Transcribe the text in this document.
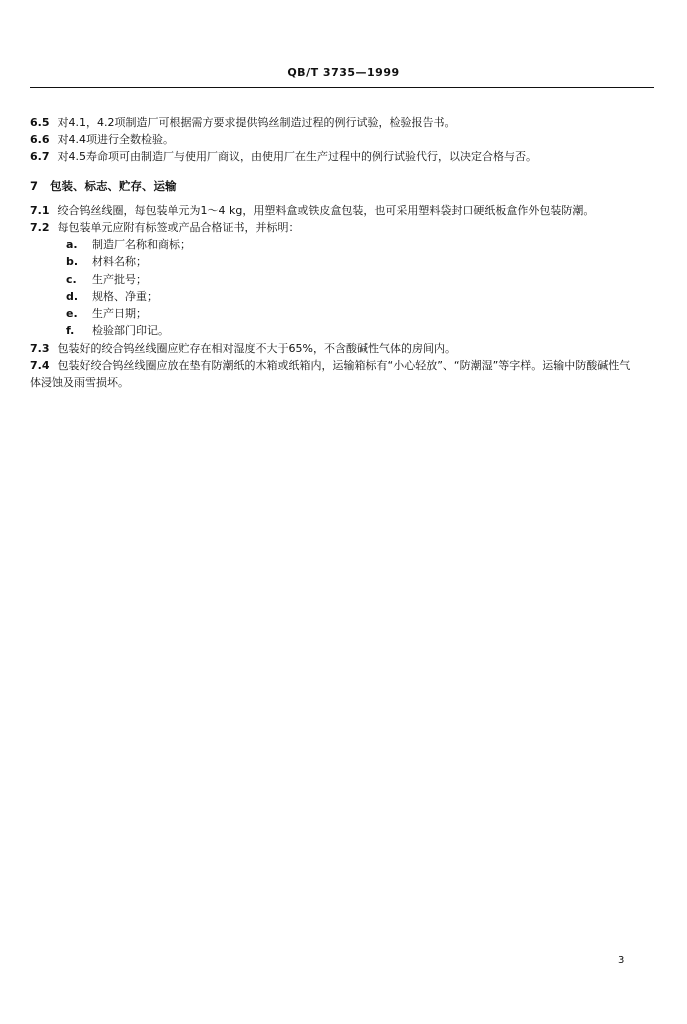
QB/T 3735—1999

6.5 对4.1，4.2项制造厂可根据需方要求提供钨丝制造过程的例行试验，检验报告书。

6.6 对4.4项进行全数检验。

6.7 对4.5寿命项可由制造厂与使用厂商议，由使用厂在生产过程中的例行试验代行，以决定合格与否。

7 包装、标志、贮存、运输

7.1 绞合钨丝线圈，每包装单元为1～4 kg，用塑料盒或铁皮盒包装，也可采用塑料袋封口硬纸板盒作外包装防潮。

7.2 每包装单元应附有标签或产品合格证书，并标明：

a. 制造厂名称和商标；

b. 材料名称；

c. 生产批号；

d. 规格、净重；

e. 生产日期；

f. 检验部门印记。

7.3 包装好的绞合钨丝线圈应贮存在相对湿度不大于65%，不含酸碱性气体的房间内。

7.4 包装好绞合钨丝线圈应放在垫有防潮纸的木箱或纸箱内，运输箱标有“小心轻放”、“防潮湿”等字样。运输中防酸碱性气体浸蚀及雨雪损坏。

3
